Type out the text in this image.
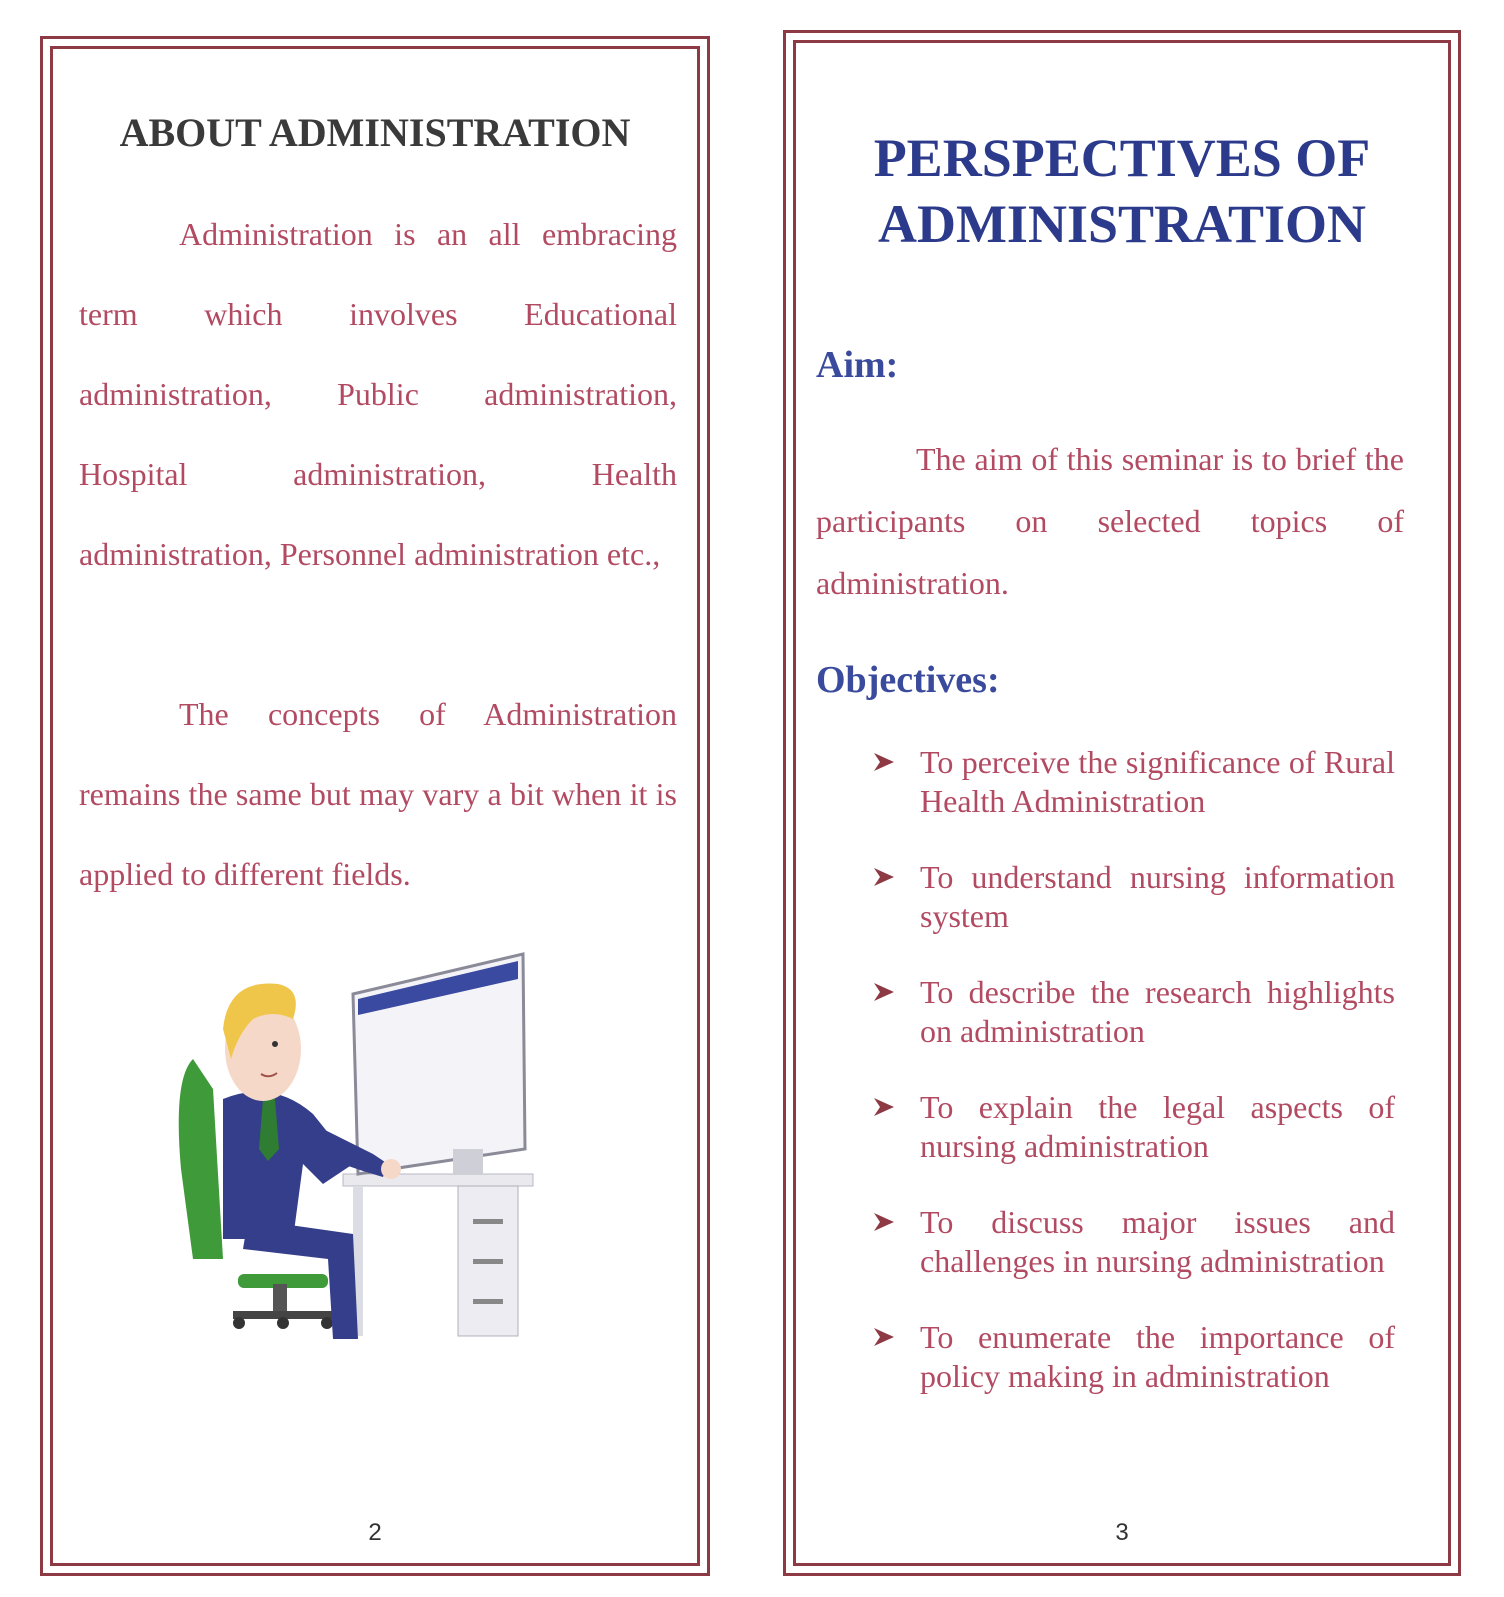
ABOUT ADMINISTRATION

Administration is an all embracing term which involves Educational administration, Public administration, Hospital administration, Health administration, Personnel administration etc.,

The concepts of Administration remains the same but may vary a bit when it is applied to different fields.

2
PERSPECTIVES OF ADMINISTRATION
Aim:

The aim of this seminar is to brief the participants on selected topics of administration.

Objectives:
To perceive the significance of Rural Health Administration
To understand nursing information system
To describe the research highlights on administration
To explain the legal aspects of nursing administration
To discuss major issues and challenges in nursing administration
To enumerate the importance of policy making in administration
3
